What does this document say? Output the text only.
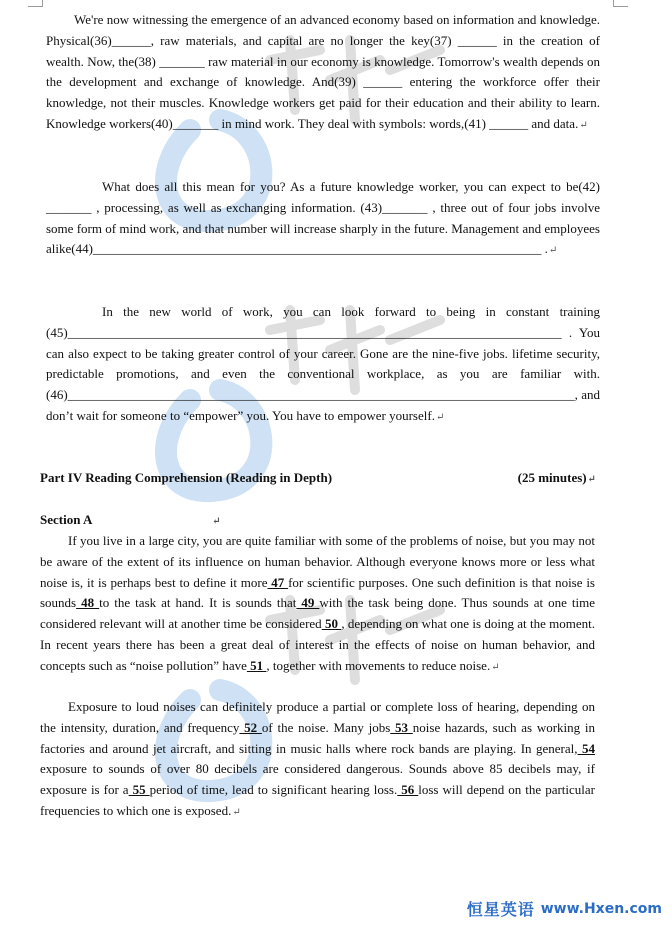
We're now witnessing the emergence of an advanced economy based on information and knowledge. Physical(36)______, raw materials, and capital are no longer the key(37) ______ in the creation of wealth. Now, the(38) _______ raw material in our economy is knowledge. Tomorrow's wealth depends on the development and exchange of knowledge. And(39) ______ entering the workforce offer their knowledge, not their muscles. Knowledge workers get paid for their education and their ability to learn. Knowledge workers(40)_______ in mind work. They deal with symbols: words,(41) ______ and data.↵
What does all this mean for you? As a future knowledge worker, you can expect to be(42) _______ , processing, as well as exchanging information. (43)_______ , three out of four jobs involve some form of mind work, and that number will increase sharply in the future. Management and employees alike(44)_____________________________________________________________________ .↵
In the new world of work, you can look forward to being in constant training (45)____________________________________________________________________________ . You can also expect to be taking greater control of your career. Gone are the nine-five jobs. lifetime security, predictable promotions, and even the conventional workplace, as you are familiar with. (46)______________________________________________________________________________, and don’t wait for someone to “empower” you. You have to empower yourself.↵
Part IV Reading Comprehension (Reading in Depth)	(25 minutes)↵
Section A	↵
If you live in a large city, you are quite familiar with some of the problems of noise, but you may not be aware of the extent of its influence on human behavior. Although everyone knows more or less what noise is, it is perhaps best to define it more 47 for scientific purposes. One such definition is that noise is sounds 48 to the task at hand. It is sounds that 49 with the task being done. Thus sounds at one time considered relevant will at another time be considered 50 , depending on what one is doing at the moment. In recent years there has been a great deal of interest in the effects of noise on human behavior, and concepts such as “noise pollution” have 51 , together with movements to reduce noise.↵
Exposure to loud noises can definitely produce a partial or complete loss of hearing, depending on the intensity, duration, and frequency 52 of the noise. Many jobs 53 noise hazards, such as working in factories and around jet aircraft, and sitting in music halls where rock bands are playing. In general, 54 exposure to sounds of over 80 decibels are considered dangerous. Sounds above 85 decibels may, if exposure is for a 55 period of time, lead to significant hearing loss. 56 loss will depend on the particular frequencies to which one is exposed.↵
恒星英语 www.Hxen.com
